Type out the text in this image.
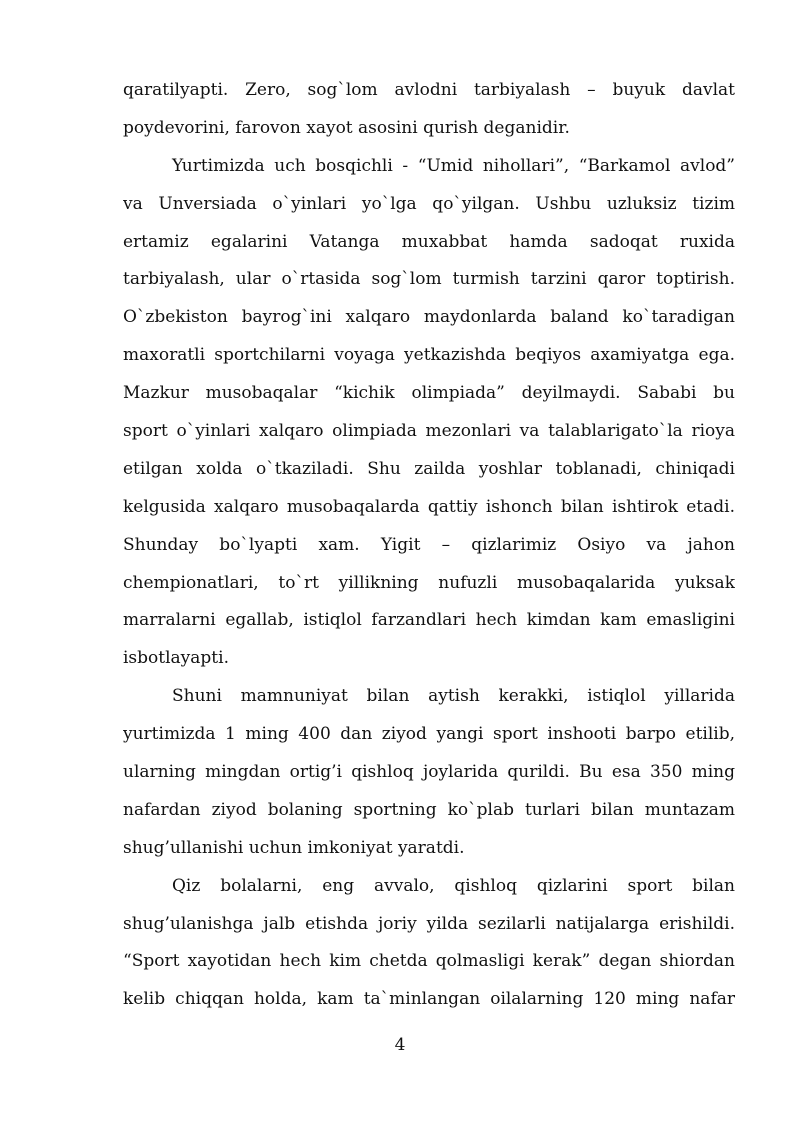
qaratilyapti. Zero, sog`lom avlodni tarbiyalash – buyuk davlat
poydevorini, farovon xayot asosini qurish deganidir.
Yurtimizda uch bosqichli - “Umid nihollari”, “Barkamol avlod”
va Unversiada o`yinlari yo`lga qo`yilgan. Ushbu uzluksiz tizim
ertamiz egalarini Vatanga muxabbat hamda sadoqat ruxida
tarbiyalash, ular o`rtasida sog`lom turmish tarzini qaror toptirish.
O`zbekiston bayrog`ini xalqaro maydonlarda baland ko`taradigan
maxoratli sportchilarni voyaga yetkazishda beqiyos axamiyatga ega.
Mazkur musobaqalar “kichik olimpiada” deyilmaydi. Sababi bu
sport o`yinlari xalqaro olimpiada mezonlari va talablarigato`la rioya
etilgan xolda o`tkaziladi. Shu zailda yoshlar toblanadi, chiniqadi
kelgusida xalqaro musobaqalarda qattiy ishonch bilan ishtirok etadi.
Shunday bo`lyapti xam. Yigit – qizlarimiz Osiyo va jahon
chempionatlari, to`rt yillikning nufuzli musobaqalarida yuksak
marralarni egallab, istiqlol farzandlari hech kimdan kam emasligini
isbotlayapti.
Shuni mamnuniyat bilan aytish kerakki, istiqlol yillarida
yurtimizda 1 ming 400 dan ziyod yangi sport inshooti barpo etilib,
ularning mingdan ortig’i qishloq joylarida qurildi. Bu esa 350 ming
nafardan ziyod bolaning sportning ko`plab turlari bilan muntazam
shug’ullanishi uchun imkoniyat yaratdi.
Qiz bolalarni, eng avvalo, qishloq qizlarini sport bilan
shug’ulanishga jalb etishda joriy yilda sezilarli natijalarga erishildi.
“Sport xayotidan hech kim chetda qolmasligi kerak” degan shiordan
kelib chiqqan holda, kam ta`minlangan oilalarning 120 ming nafar
4
